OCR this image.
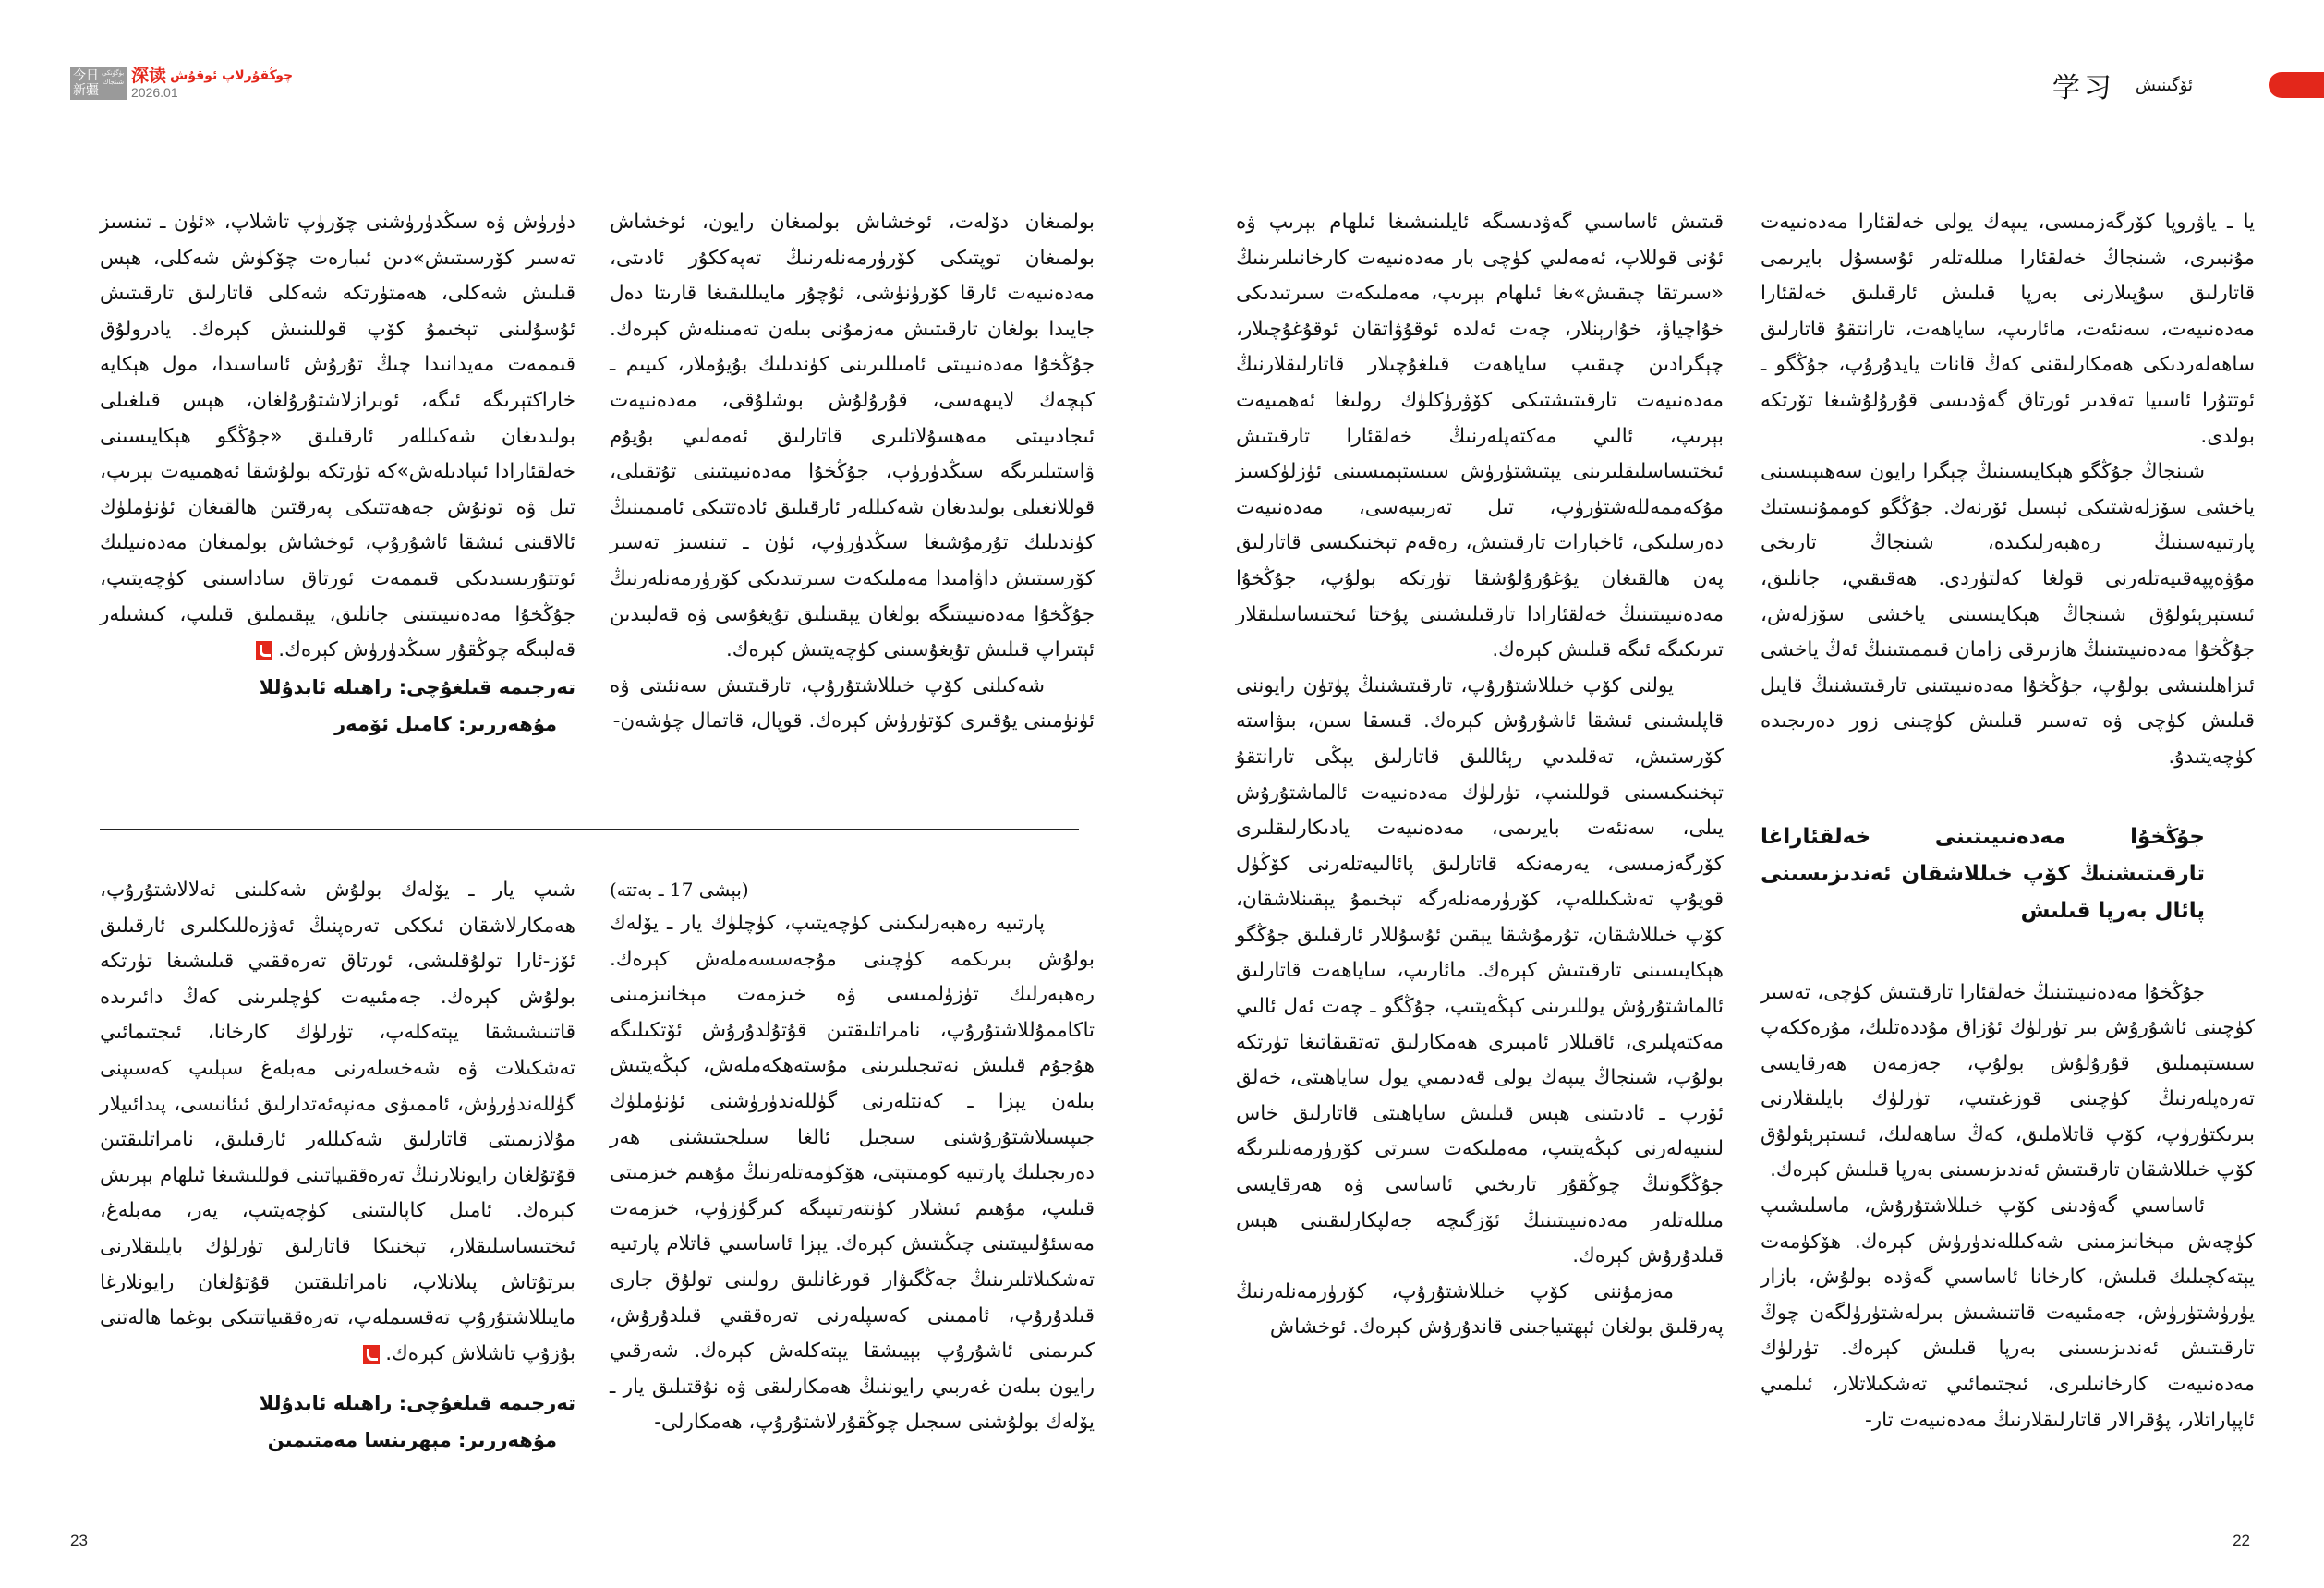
今日
新疆
بۈگۈنكى
شىنجاڭ 深读 چوڭقۇرلاپ ئوقۇش
2026.01

بولمىغان دۆلەت، ئوخشاش بولمىغان رايون، ئوخشاش بولمىغان توپتىكى كۆرۈرمەنلەرنىڭ تەپەككۇر ئادىتى، مەدەنىيەت ئارقا كۆرۈنۈشى، ئۇچۇر مايىللىقىغا قارىتا دەل جايىدا بولغان تارقىتىش مەزمۇنى بىلەن تەمىنلەش كېرەك. جۇڭخۇا مەدەنىيىتى ئامىللىرىنى كۈندىلىك بۇيۇملار، كىيىم ـ كېچەك لايىھەسى، قۇرۇلۇش بوشلۇقى، مەدەنىيەت ئىجادىيىتى مەھسۇلاتلىرى قاتارلىق ئەمەلىي بۇيۇم ۋاستىلىرىگە سىڭدۈرۈپ، جۇڭخۇا مەدەنىيىتىنى تۇتقىلى، قوللانغىلى بولىدىغان شەكىللەر ئارقىلىق ئادەتتىكى ئامىمىنىڭ كۈندىلىك تۇرمۇشىغا سىڭدۈرۈپ، ئۈن ـ تىنسىز تەسىر كۆرسىتىش داۋامىدا مەملىكەت سىرتىدىكى كۆرۈرمەنلەرنىڭ جۇڭخۇا مەدەنىيىتىگە بولغان يېقىنلىق تۇيغۇسى ۋە قەلبىدىن ئېتىراپ قىلىش تۇيغۇسىنى كۈچەيتىش كېرەك.

شەكىلنى كۆپ خىللاشتۇرۇپ، تارقىتىش سەنئىتى ۋە ئۈنۈمىنى يۇقىرى كۆتۈرۈش كېرەك. قوپال، قاتمال چۈشەن-

دۈرۈش ۋە سىڭدۈرۈشنى چۆرۈپ تاشلاپ، «ئۈن ـ تىنسىز تەسىر كۆرسىتىش»دىن ئىبارەت چۆكۈش شەكلى، ھېس قىلىش شەكلى، ھەمتۈرتكە شەكلى قاتارلىق تارقىتىش ئۇسۇلىنى تېخىمۇ كۆپ قوللىنىش كېرەك. يادرولۇق قىممەت مەيدانىدا چىڭ تۇرۇش ئاساسىدا، مول ھېكايە خاراكتېرىگە ئىگە، ئوبرازلاشتۇرۇلغان، ھېس قىلغىلى بولىدىغان شەكىللەر ئارقىلىق «جۇڭگو ھېكايىسىنى خەلقئارادا ئىپادىلەش»كە تۈرتكە بولۇشقا ئەھمىيەت بېرىپ، تىل ۋە تونۇش جەھەتتىكى پەرقتىن ھالقىغان ئۈنۈملۈك ئالاقىنى ئىشقا ئاشۇرۇپ، ئوخشاش بولمىغان مەدەنىيلىك ئوتتۇرىسىدىكى قىممەت ئورتاق ساداسىنى كۈچەيتىپ، جۇڭخۇا مەدەنىيىتىنى جانلىق، يېقىملىق قىلىپ، كىشىلەر قەلبىگە چوڭقۇر سىڭدۈرۈش كېرەك.

تەرجىمە قىلغۇچى: راھىلە ئابدۇللا
مۇھەررىر: كامىل ئۆمەر
(بېشى 17 ـ بەتتە)

پارتىيە رەھبەرلىكىنى كۈچەيتىپ، كۈچلۈك يار ـ يۆلەك بولۇش بىرىكمە كۈچىنى مۇجەسسەملەش كېرەك. رەھبەرلىك تۈزۈلمىسى ۋە خىزمەت مېخانىزمىنى تاكاممۇللاشتۇرۇپ، نامراتلىقتىن قۇتۇلدۇرۇش ئۆتكىلىگە ھۇجۇم قىلىش نەتىجىلىرىنى مۇستەھكەملەش، كېڭەيتىش بىلەن يېزا ـ كەنتلەرنى گۈللەندۈرۈشنى ئۈنۈملۈك جىپسىلاشتۇرۇشنى سىجىل ئالغا سىلجىتىشنى ھەر دەرىجىلىك پارتىيە كومىتېتى، ھۆكۈمەتلەرنىڭ مۇھىم خىزمىتى قىلىپ، مۇھىم ئىشلار كۈنتەرتىپىگە كىرگۈزۈپ، خىزمەت مەسئۇلىيىتىنى چىڭىتىش كېرەك. يېزا ئاساسىي قاتلام پارتىيە تەشكىلاتلىرىنىڭ جەڭگىۋار قورغانلىق رولىنى تولۇق جارى قىلدۇرۇپ، ئاممىنى كەسپلەرنى تەرەققىي قىلدۇرۇش، كىرىمنى ئاشۇرۇپ بېيىشقا يېتەكلەش كېرەك. شەرقىي رايون بىلەن غەربىي رايوننىڭ ھەمكارلىقى ۋە نۇقتىلىق يار ـ يۆلەك بولۇشنى سىجىل چوڭقۇرلاشتۇرۇپ، ھەمكارلى-

شىپ يار ـ يۆلەك بولۇش شەكلىنى ئەلالاشتۇرۇپ، ھەمكارلاشقان ئىككى تەرەپنىڭ ئەۋزەللىكلىرى ئارقىلىق ئۆز-ئارا تولۇقلىشى، ئورتاق تەرەققىي قىلىشىغا تۈرتكە بولۇش كېرەك. جەمئىيەت كۈچلىرىنى كەڭ دائىرىدە قاتنىشىشقا يېتەكلەپ، تۈرلۈك كارخانا، ئىجتىمائىي تەشكىلات ۋە شەخسلەرنى مەبلەغ سېلىپ كەسىپنى گۈللەندۈرۈش، ئاممىۋى مەنپەئەتدارلىق ئىئانىسى، پىدائىيلار مۇلازىمىتى قاتارلىق شەكىللەر ئارقىلىق، نامراتلىقتىن قۇتۇلغان رايونلارنىڭ تەرەققىياتىنى قوللىشىغا ئىلھام بېرىش كېرەك. ئامىل كاپالىتىنى كۈچەيتىپ، يەر، مەبلەغ، ئىختىساسلىقلار، تېخنىكا قاتارلىق تۈرلۈك بايلىقلارنى بىرتۇتاش پىلانلاپ، نامراتلىقتىن قۇتۇلغان رايونلارغا مايىللاشتۇرۇپ تەقسىملەپ، تەرەققىياتتىكى بوغما ھالەتنى بۇزۇپ تاشلاش كېرەك.

تەرجىمە قىلغۇچى: راھىلە ئابدۇللا
مۇھەررىر: مېھرىنسا مەمتىمىن
23
学习 ئۆگىنىش

قىتىش ئاساسىي گەۋدىسىگە ئايلىنىشىغا ئىلھام بېرىپ ۋە ئۇنى قوللاپ، ئەمەلىي كۈچى بار مەدەنىيەت كارخانىلىرىنىڭ «سىرتقا چىقىش»ىغا ئىلھام بېرىپ، مەملىكەت سىرتىدىكى خۇاچياۋ، خۇارېنلار، چەت ئەلدە ئوقۇۋاتقان ئوقۇغۇچىلار، چېگرادىن چىقىپ ساياھەت قىلغۇچىلار قاتارلىقلارنىڭ مەدەنىيەت تارقىتىشتىكى كۆۋرۈكلۈك رولىغا ئەھمىيەت بېرىپ، ئالىي مەكتەپلەرنىڭ خەلقئارا تارقىتىش ئىختىساسلىقلىرىنى يېتىشتۈرۈش سىستېمىسىنى ئۈزلۈكسىز مۇكەممەللەشتۈرۈپ، تىل تەربىيەسى، مەدەنىيەت دەرسلىكى، ئاخبارات تارقىتىش، رەقەم تېخنىكىسى قاتارلىق پەن ھالقىغان يۇغۇرۇلۇشقا تۈرتكە بولۇپ، جۇڭخۇا مەدەنىيىتىنىڭ خەلقئارادا تارقىلىشىنى پۇختا ئىختىساسلىقلار تىرىكىگە ئىگە قىلىش كېرەك.

يولنى كۆپ خىللاشتۇرۇپ، تارقىتىشنىڭ پۈتۈن رايوننى قاپلىشىنى ئىشقا ئاشۇرۇش كېرەك. قىسقا سىن، بىۋاستە كۆرستىش، تەقلىدىي رېئاللىق قاتارلىق يېڭى تارانتقۇ تېخنىكىسىنى قوللىنىپ، تۈرلۈك مەدەنىيەت ئالماشتۇرۇش يىلى، سەنئەت بايرىمى، مەدەنىيەت يادىكارلىقلىرى كۆرگەزمىسى، يەرمەنكە قاتارلىق پائالىيەتلەرنى كۆڭۈل قويۇپ تەشكىللەپ، كۆرۈرمەنلەرگە تېخىمۇ يېقىنلاشقان، كۆپ خىللاشقان، تۇرمۇشقا يېقىن ئۇسۇللار ئارقىلىق جۇڭگو ھېكايىسىنى تارقىتىش كېرەك. مائارىپ، ساياھەت قاتارلىق ئالماشتۇرۇش يوللىرىنى كېڭەيتىپ، جۇڭگو ـ چەت ئەل ئالىي مەكتەپلىرى، ئاقىللار ئامبىرى ھەمكارلىق تەتقىقاتىغا تۈرتكە بولۇپ، شىنجاڭ يىپەك يولى قەدىمىي يول ساياھىتى، خەلق ئۆرپ ـ ئادىتىنى ھېس قىلىش ساياھىتى قاتارلىق خاس لىنىيەلەرنى كېڭەيتىپ، مەملىكەت سىرتى كۆرۈرمەنلىرىگە جۇڭگونىڭ چوڭقۇر تارىخىي ئاساسى ۋە ھەرقايسى مىللەتلەر مەدەنىيىتىنىڭ ئۆزگىچە جەلپكارلىقىنى ھېس قىلدۇرۇش كېرەك.

مەزمۇننى كۆپ خىللاشتۇرۇپ، كۆرۈرمەنلەرنىڭ پەرقلىق بولغان ئېھتىياجىنى قاندۇرۇش كېرەك. ئوخشاش

يا ـ ياۋروپا كۆرگەزمىسى، يىپەك يولى خەلقئارا مەدەنىيەت مۇنبىرى، شىنجاڭ خەلقئارا مىللەتلەر ئۇسسۇل بايرىمى قاتارلىق سۇپىلارنى بەرپا قىلىش ئارقىلىق خەلقئارا مەدەنىيەت، سەنئەت، مائارىپ، ساياھەت، تارانتقۇ قاتارلىق ساھەلەردىكى ھەمكارلىقنى كەڭ قانات يايدۇرۇپ، جۇڭگو ـ ئوتتۇرا ئاسىيا تەقدىر ئورتاق گەۋدىسى قۇرۇلۇشىغا تۆرتكە بولدى.

شىنجاڭ جۇڭگو ھېكايىسىنىڭ چېگرا رايون سەھىپىسىنى ياخشى سۆزلەشتىكى ئېسىل ئۆرنەك. جۇڭگو كوممۇنىستىك پارتىيەسىنىڭ رەھبەرلىكىدە، شىنجاڭ تارىخى مۇۋەپپەقىيەتلەرنى قولغا كەلتۈردى. ھەقىقىي، جانلىق، ئىستېرېئولۇق شىنجاڭ ھېكايىسىنى ياخشى سۆزلەش، جۇڭخۇا مەدەنىيىتىنىڭ ھازىرقى زامان قىممىتىنىڭ ئەڭ ياخشى ئىزاھلىنىشى بولۇپ، جۇڭخۇا مەدەنىيىتىنى تارقىتىشنىڭ قايىل قىلىش كۈچى ۋە تەسىر قىلىش كۈچىنى زور دەرىجىدە كۈچەيتىدۇ.

جۇڭخۇا مەدەنىيىتىنى خەلقئاراغا تارقىتىشنىڭ كۆپ خىللاشقان ئەندىزىسىنى پائال بەرپا قىلىش

جۇڭخۇا مەدەنىيىتىنىڭ خەلقئارا تارقىتىش كۈچى، تەسىر كۈچىنى ئاشۇرۇش بىر تۈرلۈك ئۇزاق مۇددەتلىك، مۇرەككەپ سىستېمىلىق قۇرۇلۇش بولۇپ، جەزمەن ھەرقايسى تەرەپلەرنىڭ كۈچىنى قوزغىتىپ، تۈرلۈك بايلىقلارنى بىرىكتۈرۈپ، كۆپ قاتلاملىق، كەڭ ساھەلىك، ئىستېرېئولۇق كۆپ خىللاشقان تارقىتىش ئەندىزىسىنى بەرپا قىلىش كېرەك.

ئاساسىي گەۋدىنى كۆپ خىللاشتۇرۇش، ماسلىشىپ كۈچەش مېخانىزمىنى شەكىللەندۈرۈش كېرەك. ھۆكۈمەت يېتەكچىلىك قىلىش، كارخانا ئاساسىي گەۋدە بولۇش، بازار يۈرۈشتۈرۈش، جەمئىيەت قاتنىشىش بىرلەشتۈرۈلگەن چوڭ تارقىتىش ئەندىزىسىنى بەرپا قىلىش كېرەك. تۈرلۈك مەدەنىيەت كارخانىلىرى، ئىجتىمائىي تەشكىلاتلار، ئىلمىي ئاپپاراتلار، پۇقرالار قاتارلىقلارنىڭ مەدەنىيەت تار-

22
